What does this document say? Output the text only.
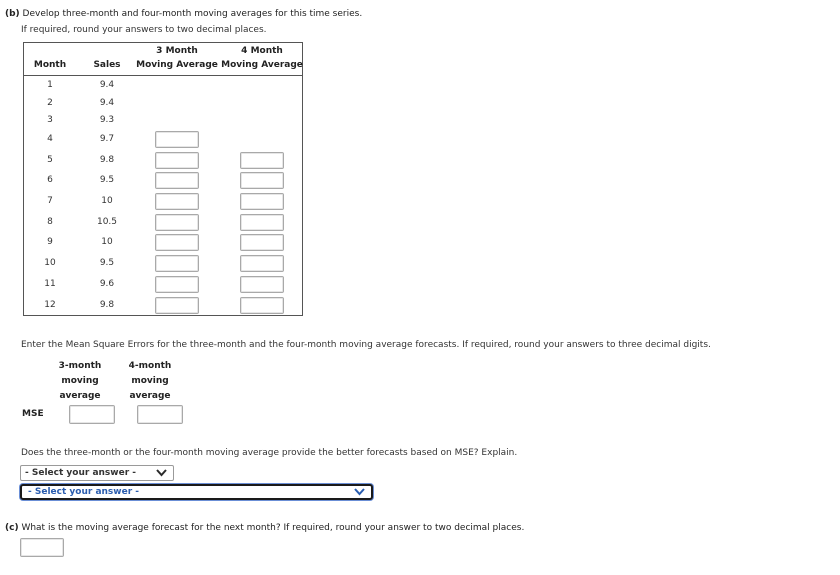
(b) Develop three-month and four-month moving averages for this time series.
If required, round your answers to two decimal places.
Month	Sales
3 Month
Moving Average
4 Month
Moving Average
1	9.4
2	9.4
3	9.3
4	9.7
5	9.8
6	9.5
7	10
8	10.5
9	10
10	9.5
11	9.6
12	9.8
Enter the Mean Square Errors for the three-month and the four-month moving average forecasts. If required, round your answers to three decimal digits.
3-month
moving
average
4-month
moving
average
MSE
Does the three-month or the four-month moving average provide the better forecasts based on MSE? Explain.
- Select your answer -
- Select your answer -
(c) What is the moving average forecast for the next month? If required, round your answer to two decimal places.
